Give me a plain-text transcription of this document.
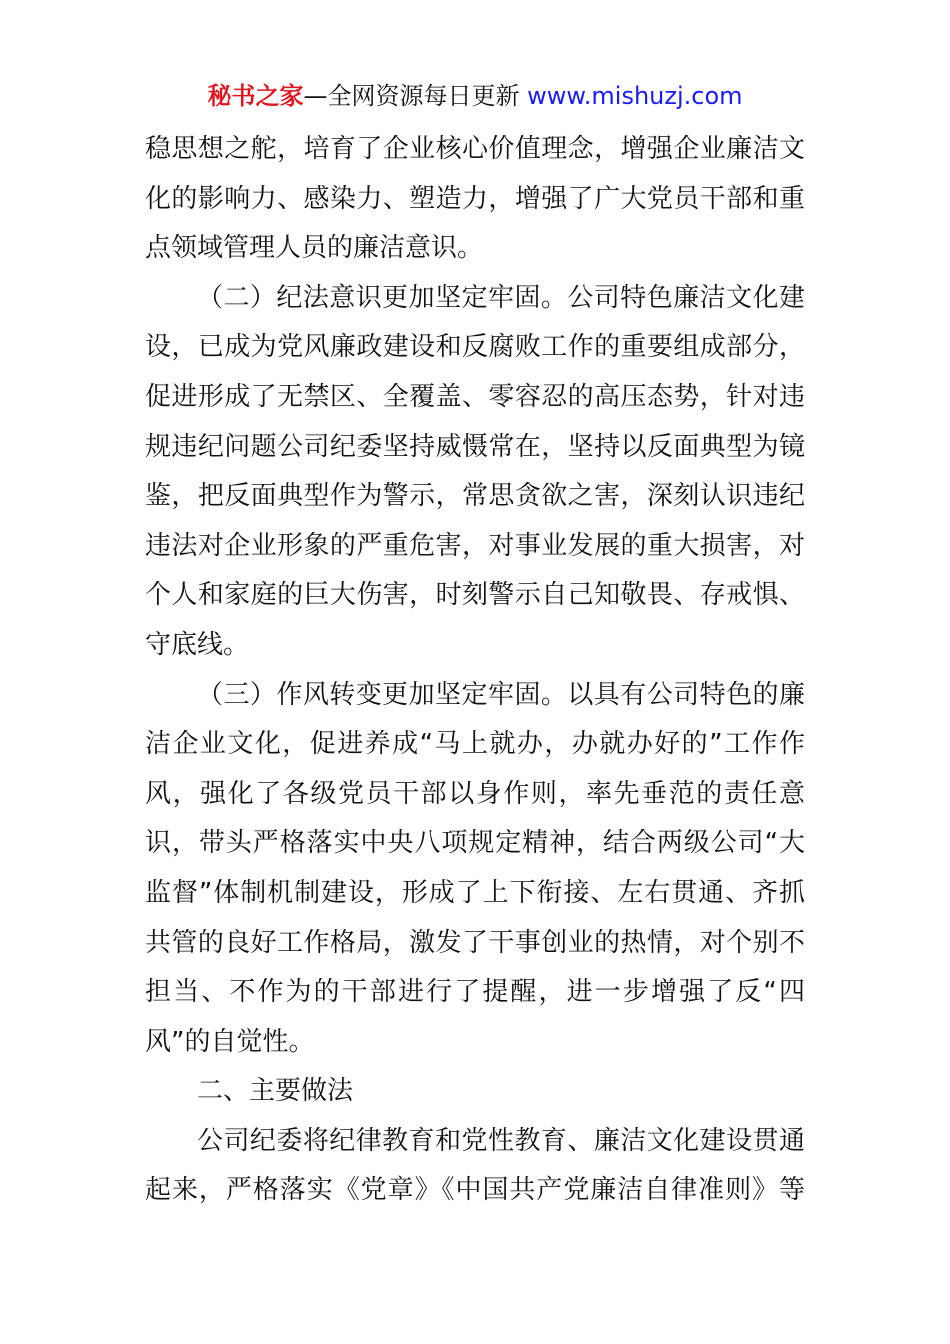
秘书之家—全网资源每日更新 www.mishuzj.com
稳思想之舵，培育了企业核心价值理念，增强企业廉洁文
化的影响力、感染力、塑造力，增强了广大党员干部和重
点领域管理人员的廉洁意识。
（二）纪法意识更加坚定牢固。公司特色廉洁文化建
设，已成为党风廉政建设和反腐败工作的重要组成部分，
促进形成了无禁区、全覆盖、零容忍的高压态势，针对违
规违纪问题公司纪委坚持威慑常在，坚持以反面典型为镜
鉴，把反面典型作为警示，常思贪欲之害，深刻认识违纪
违法对企业形象的严重危害，对事业发展的重大损害，对
个人和家庭的巨大伤害，时刻警示自己知敬畏、存戒惧、
守底线。
（三）作风转变更加坚定牢固。以具有公司特色的廉
洁企业文化，促进养成“马上就办，办就办好的”工作作
风，强化了各级党员干部以身作则，率先垂范的责任意
识，带头严格落实中央八项规定精神，结合两级公司“大
监督”体制机制建设，形成了上下衔接、左右贯通、齐抓
共管的良好工作格局，激发了干事创业的热情，对个别不
担当、不作为的干部进行了提醒，进一步增强了反“四
风”的自觉性。
二、主要做法
公司纪委将纪律教育和党性教育、廉洁文化建设贯通
起来，严格落实《党章》《中国共产党廉洁自律准则》等
